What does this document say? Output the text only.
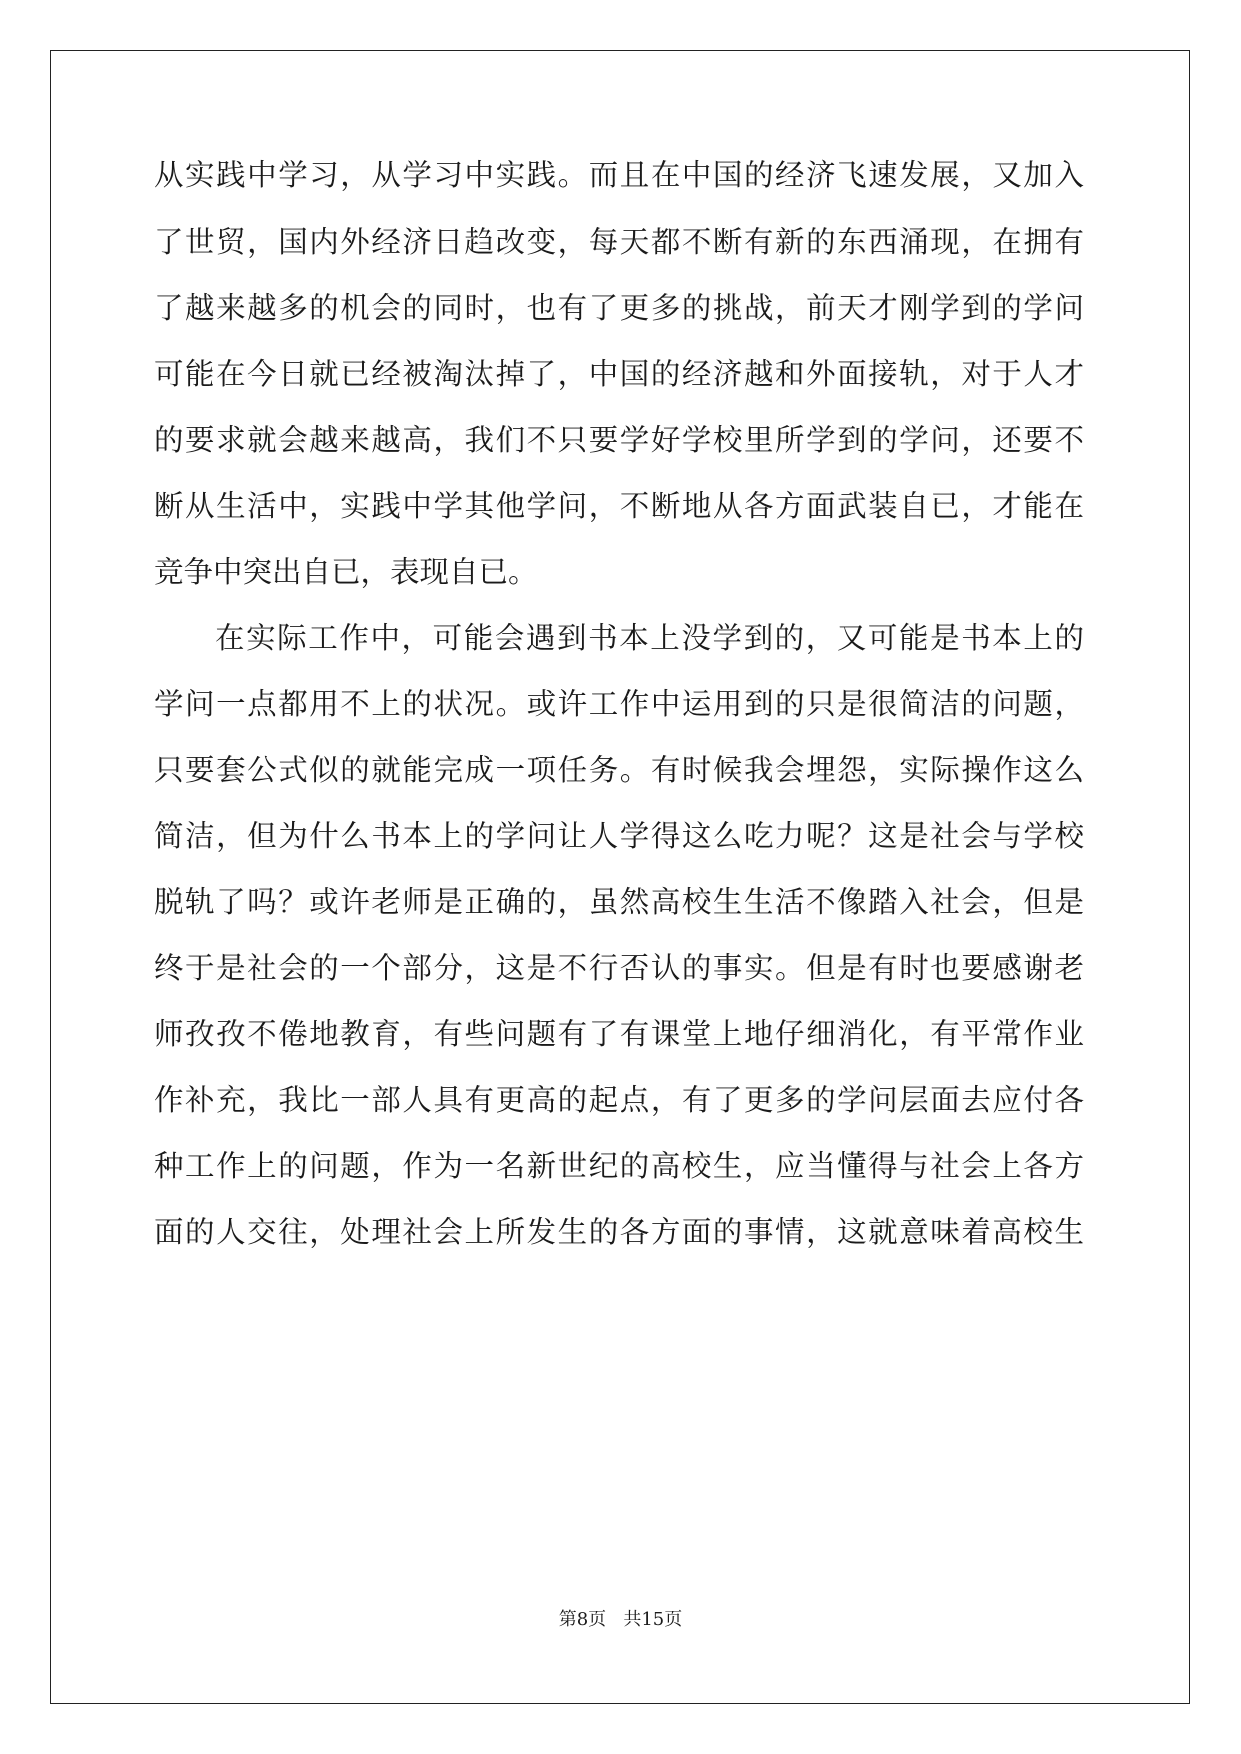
从实践中学习，从学习中实践。而且在中国的经济飞速发展，又加入
了世贸，国内外经济日趋改变，每天都不断有新的东西涌现，在拥有
了越来越多的机会的同时，也有了更多的挑战，前天才刚学到的学问
可能在今日就已经被淘汰掉了，中国的经济越和外面接轨，对于人才
的要求就会越来越高，我们不只要学好学校里所学到的学问，还要不
断从生活中，实践中学其他学问，不断地从各方面武装自已，才能在
竞争中突出自已，表现自已。
在实际工作中，可能会遇到书本上没学到的，又可能是书本上的
学问一点都用不上的状况。或许工作中运用到的只是很简洁的问题，
只要套公式似的就能完成一项任务。有时候我会埋怨，实际操作这么
简洁，但为什么书本上的学问让人学得这么吃力呢？这是社会与学校
脱轨了吗？或许老师是正确的，虽然高校生生活不像踏入社会，但是
终于是社会的一个部分，这是不行否认的事实。但是有时也要感谢老
师孜孜不倦地教育，有些问题有了有课堂上地仔细消化，有平常作业
作补充，我比一部人具有更高的起点，有了更多的学问层面去应付各
种工作上的问题，作为一名新世纪的高校生，应当懂得与社会上各方
面的人交往，处理社会上所发生的各方面的事情，这就意味着高校生
第8页 共15页
